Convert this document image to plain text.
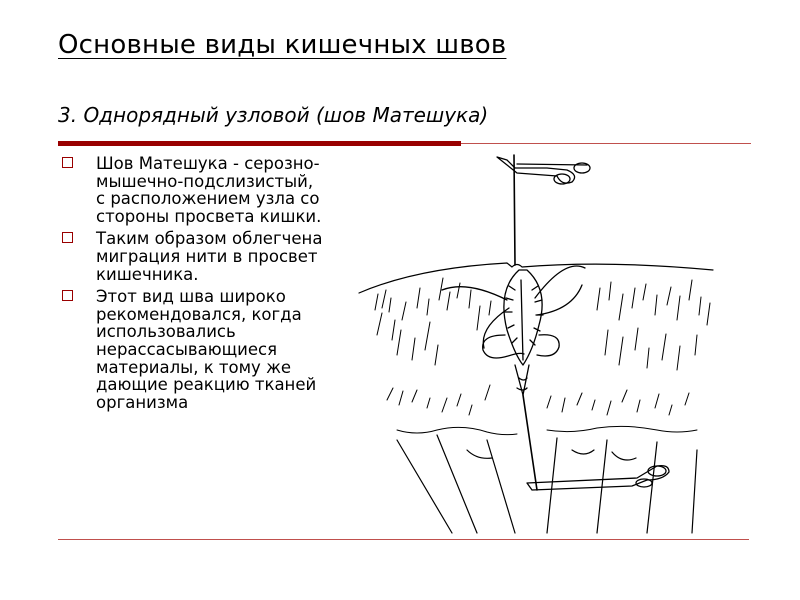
Основные виды кишечных швов
3. Однорядный узловой (шов Матешука)
Шов Матешука - серозно-мышечно-подслизистый, с расположением узла со стороны просвета кишки.
Таким образом облегчена миграция нити в просвет кишечника.
Этот вид шва широко рекомендовался, когда использовались нерассасывающиеся материалы, к тому же дающие реакцию тканей организма
